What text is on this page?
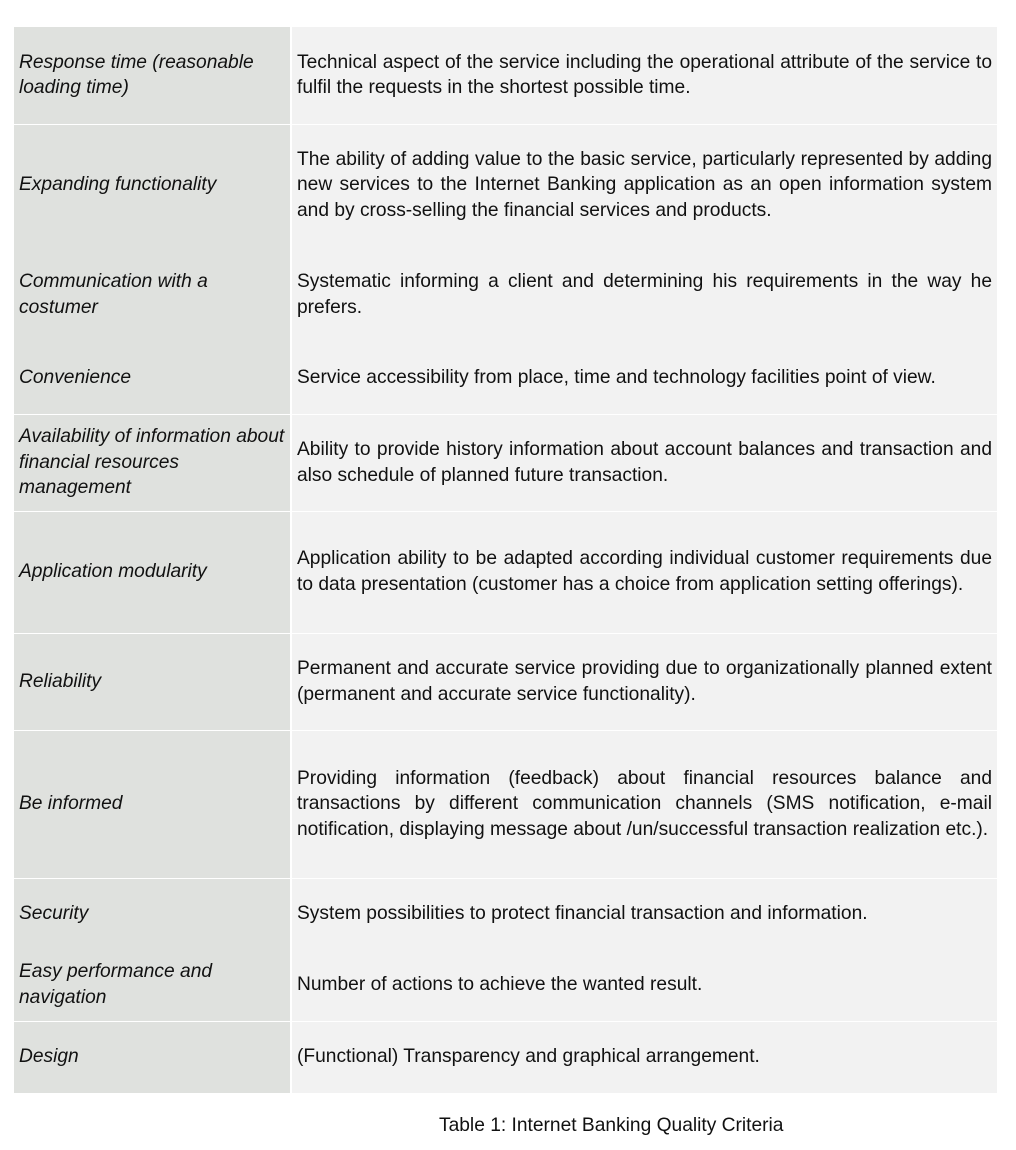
Response time (reasonable loading time)	Technical aspect of the service including the operational attribute of the service to fulfil the requests in the shortest possible time.
Expanding functionality	The ability of adding value to the basic service, particularly represented by adding new services to the Internet Banking application as an open information system and by cross-selling the financial services and products.
Communication with a costumer	Systematic informing a client and determining his requirements in the way he prefers.
Convenience	Service accessibility from place, time and technology facilities point of view.
Availability of information about financial resources management	Ability to provide history information about account balances and transaction and also schedule of planned future transaction.
Application modularity	Application ability to be adapted according individual customer requirements due to data presentation (customer has a choice from application setting offerings).
Reliability	Permanent and accurate service providing due to organizationally planned extent (permanent and accurate service functionality).
Be informed	Providing information (feedback) about financial resources balance and transactions by different communication channels (SMS notification, e-mail notification, displaying message about /un/successful transaction realization etc.).
Security	System possibilities to protect financial transaction and information.
Easy performance and navigation	Number of actions to achieve the wanted result.
Design	(Functional) Transparency and graphical arrangement.
Table 1: Internet Banking Quality Criteria
